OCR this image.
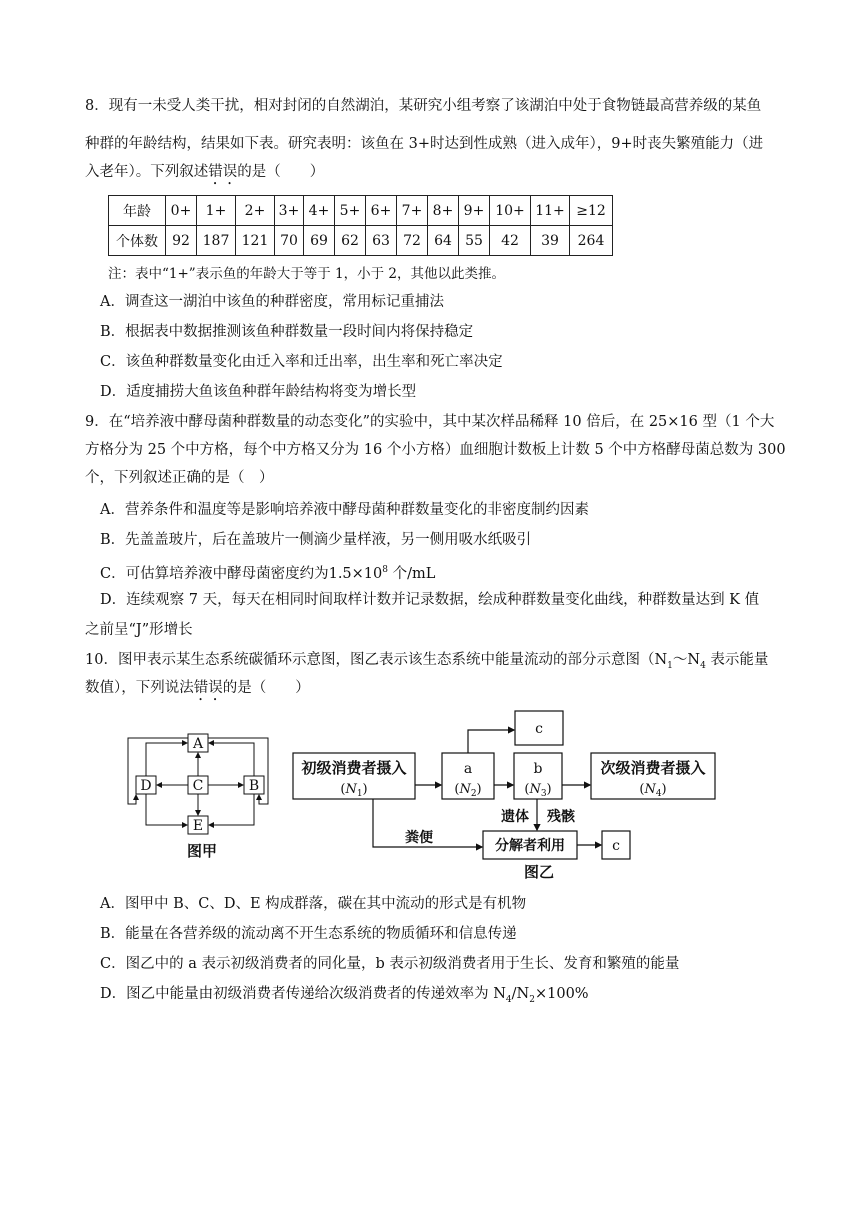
8．现有一未受人类干扰，相对封闭的自然湖泊，某研究小组考察了该湖泊中处于食物链最高营养级的某鱼
种群的年龄结构，结果如下表。研究表明：该鱼在 3+时达到性成熟（进入成年），9+时丧失繁殖能力（进
入老年）。下列叙述错误的是（　　）
年龄	0+	1+	2+	3+	4+	5+	6+	7+	8+	9+	10+	11+	≥12
个体数	92	187	121	70	69	62	63	72	64	55	42	39	264
注：表中“1+”表示鱼的年龄大于等于 1，小于 2，其他以此类推。
A．调查这一湖泊中该鱼的种群密度，常用标记重捕法
B．根据表中数据推测该鱼种群数量一段时间内将保持稳定
C．该鱼种群数量变化由迁入率和迁出率，出生率和死亡率决定
D．适度捕捞大鱼该鱼种群年龄结构将变为增长型
9．在“培养液中酵母菌种群数量的动态变化”的实验中，其中某次样品稀释 10 倍后，在 25×16 型（1 个大
方格分为 25 个中方格，每个中方格又分为 16 个小方格）血细胞计数板上计数 5 个中方格酵母菌总数为 300
个，下列叙述正确的是（　）
A．营养条件和温度等是影响培养液中酵母菌种群数量变化的非密度制约因素
B．先盖盖玻片，后在盖玻片一侧滴少量样液，另一侧用吸水纸吸引
C．可估算培养液中酵母菌密度约为$1.5\times 10^8$ 个/mL
D．连续观察 7 天，每天在相同时间取样计数并记录数据，绘成种群数量变化曲线，种群数量达到 K 值
之前呈“J”形增长
10．图甲表示某生态系统碳循环示意图，图乙表示该生态系统中能量流动的部分示意图（$N_1\sim N_4$ 表示能量
数值），下列说法错误的是（　　）
A
C
D	B
E
图甲
初级消费者摄入
$(N_1)$
a
$(N_2)$
b
$(N_3)$
次级消费者摄入
$(N_4)$
c
c
遗体 残骸
粪便	分解者利用
图乙
A．图甲中 B、C、D、E 构成群落，碳在其中流动的形式是有机物
B．能量在各营养级的流动离不开生态系统的物质循环和信息传递
C．图乙中的 a 表示初级消费者的同化量，b 表示初级消费者用于生长、发育和繁殖的能量
D．图乙中能量由初级消费者传递给次级消费者的传递效率为 $N_4/N_2\times 100\%$
